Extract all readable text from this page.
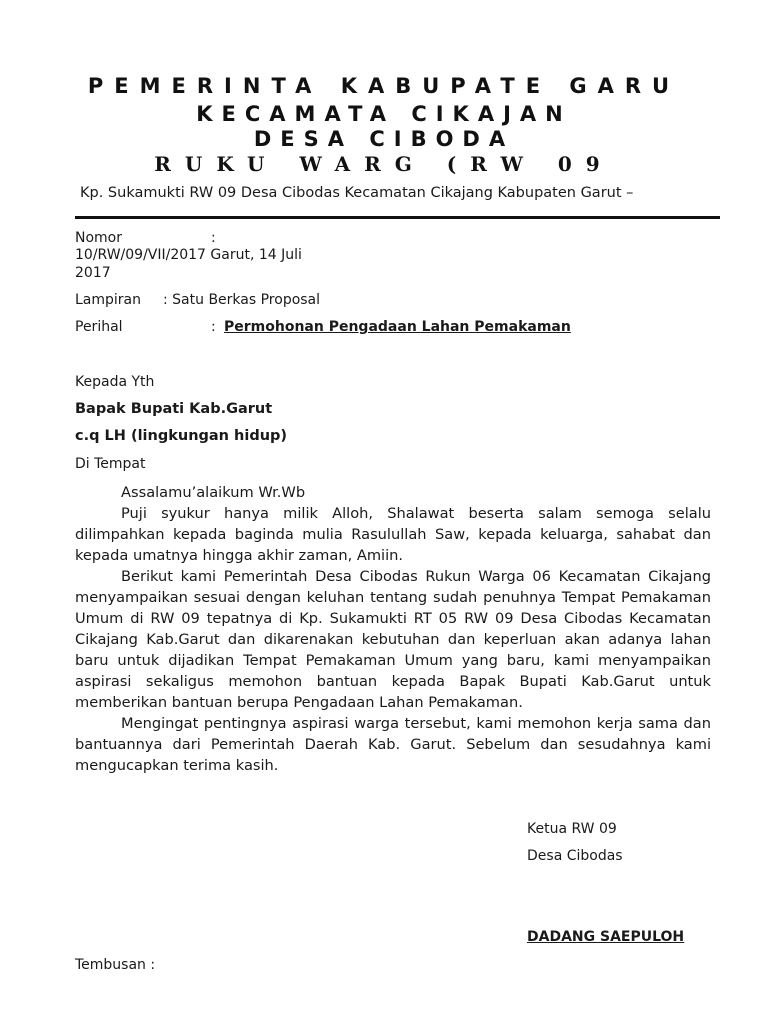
PEMERINTA KABUPATE GARU
KECAMATA CIKAJAN
DESA CIBODA
RUKU WARG (RW 09
Kp. Sukamukti RW 09 Desa Cibodas Kecamatan Cikajang Kabupaten Garut –
Nomor	:
10/RW/09/VII/2017 Garut, 14 Juli
2017
Lampiran : Satu Berkas Proposal
Perihal	: Permohonan Pengadaan Lahan Pemakaman
Kepada Yth
Bapak Bupati Kab.Garut
c.q LH (lingkungan hidup)
Di Tempat

Assalamu’alaikum Wr.Wb

Puji syukur hanya milik Alloh, Shalawat beserta salam semoga selalu dilimpahkan kepada baginda mulia Rasulullah Saw, kepada keluarga, sahabat dan kepada umatnya hingga akhir zaman, Amiin.

Berikut kami Pemerintah Desa Cibodas Rukun Warga 06 Kecamatan Cikajang menyampaikan sesuai dengan keluhan tentang sudah penuhnya Tempat Pemakaman Umum di RW 09 tepatnya di Kp. Sukamukti RT 05 RW 09 Desa Cibodas Kecamatan Cikajang Kab.Garut dan dikarenakan kebutuhan dan keperluan akan adanya lahan baru untuk dijadikan Tempat Pemakaman Umum yang baru, kami menyampaikan aspirasi sekaligus memohon bantuan kepada Bapak Bupati Kab.Garut untuk memberikan bantuan berupa Pengadaan Lahan Pemakaman.

Mengingat pentingnya aspirasi warga tersebut, kami memohon kerja sama dan bantuannya dari Pemerintah Daerah Kab. Garut. Sebelum dan sesudahnya kami mengucapkan terima kasih.

Ketua RW 09
Desa Cibodas
DADANG SAEPULOH
Tembusan :
